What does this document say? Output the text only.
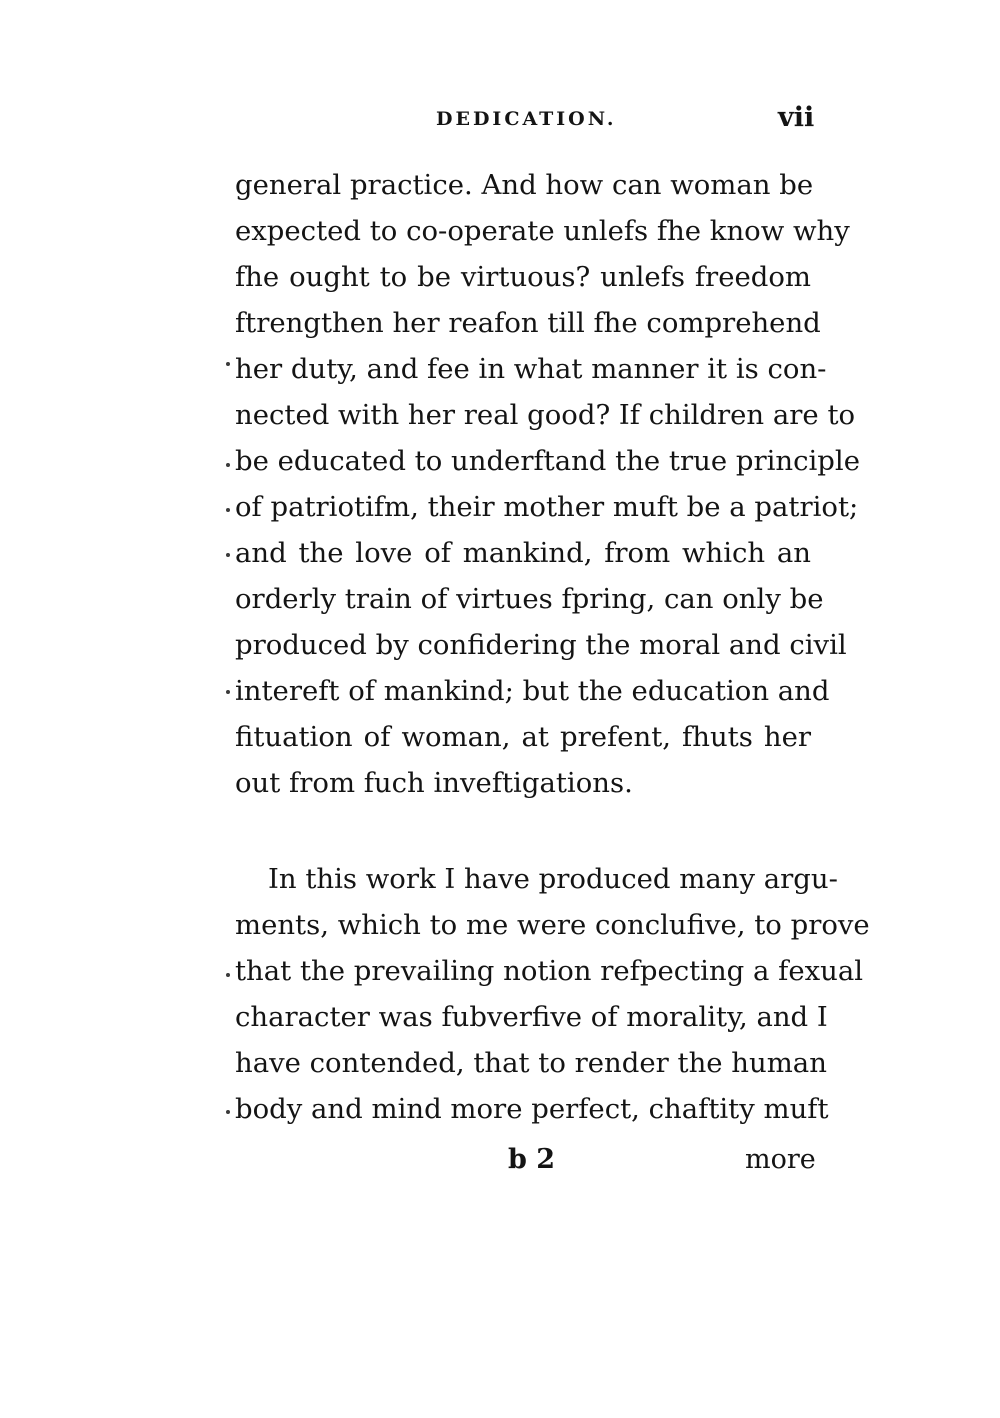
DEDICATION.	vii
general practice. And how can woman be
expected to co-operate unlefs fhe know why
fhe ought to be virtuous? unlefs freedom
ftrengthen her reafon till fhe comprehend
her duty, and fee in what manner it is con-
nected with her real good? If children are to
be educated to underftand the true principle
of patriotifm, their mother muft be a patriot;
and the love of mankind, from which an
orderly train of virtues fpring, can only be
produced by confidering the moral and civil
intereft of mankind; but the education and
fituation of woman, at prefent, fhuts her
out from fuch inveftigations.
In this work I have produced many argu-
ments, which to me were conclufive, to prove
that the prevailing notion refpecting a fexual
character was fubverfive of morality, and I
have contended, that to render the human
body and mind more perfect, chaftity muft
b 2	more
